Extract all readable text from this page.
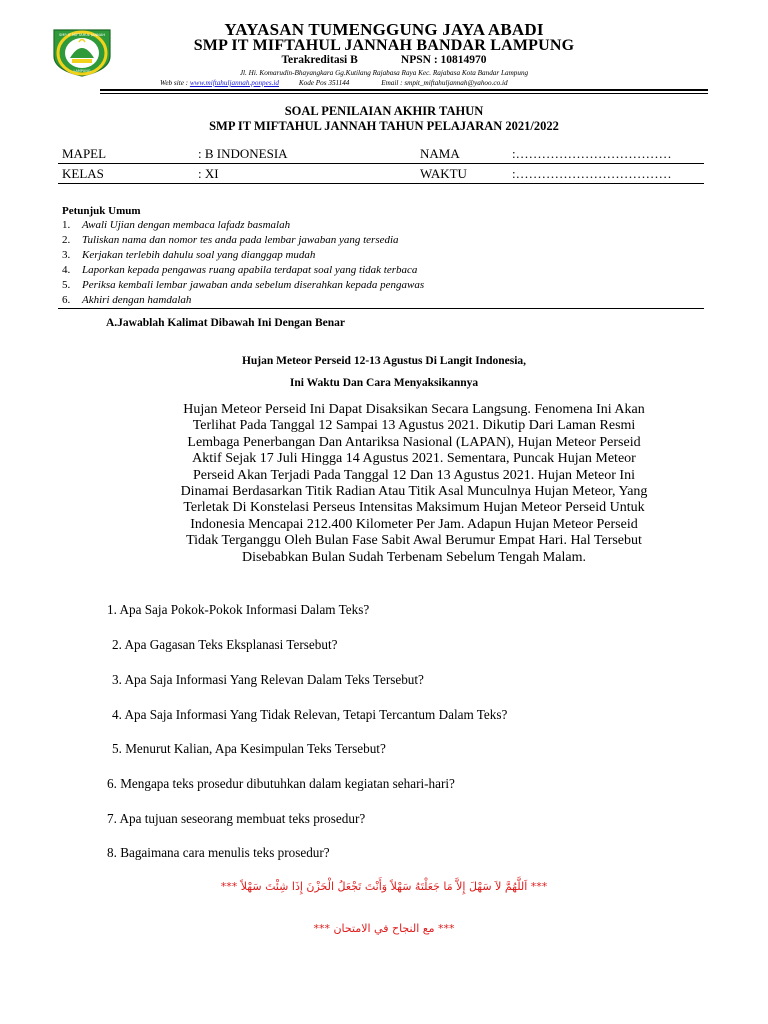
SMP IT MIFTAHUL JANNAH
LAMPUNG
YAYASAN TUMENGGUNG JAYA ABADI
SMP IT MIFTAHUL JANNAH BANDAR LAMPUNG
Terakreditasi B	NPSN : 10814970
Jl. Hi. Komarudin-Bhayangkara Gg.Kutilang Rajabasa Raya Kec. Rajabasa Kota Bandar Lampung
Web site : www.miftahuljannah.ponpes.id	Kode Pos 351144	Email : smpit_miftahuljannah@yahoo.co.id
SOAL PENILAIAN AKHIR TAHUN
SMP IT MIFTAHUL JANNAH TAHUN PELAJARAN 2021/2022
MAPEL	: B INDONESIA	NAMA	:………………………………
KELAS	: XI	WAKTU	:………………………………
Petunjuk Umum
1. Awali Ujian dengan membaca lafadz basmalah
2. Tuliskan nama dan nomor tes anda pada lembar jawaban yang tersedia
3. Kerjakan terlebih dahulu soal yang dianggap mudah
4. Laporkan kepada pengawas ruang apabila terdapat soal yang tidak terbaca
5. Periksa kembali lembar jawaban anda sebelum diserahkan kepada pengawas
6. Akhiri dengan hamdalah
A.Jawablah Kalimat Dibawah Ini Dengan Benar
Hujan Meteor Perseid 12-13 Agustus Di Langit Indonesia,
Ini Waktu Dan Cara Menyaksikannya
Hujan Meteor Perseid Ini Dapat Disaksikan Secara Langsung. Fenomena Ini Akan
Terlihat Pada Tanggal 12 Sampai 13 Agustus 2021. Dikutip Dari Laman Resmi
Lembaga Penerbangan Dan Antariksa Nasional (LAPAN), Hujan Meteor Perseid
Aktif Sejak 17 Juli Hingga 14 Agustus 2021. Sementara, Puncak Hujan Meteor
Perseid Akan Terjadi Pada Tanggal 12 Dan 13 Agustus 2021. Hujan Meteor Ini
Dinamai Berdasarkan Titik Radian Atau Titik Asal Munculnya Hujan Meteor, Yang
Terletak Di Konstelasi Perseus Intensitas Maksimum Hujan Meteor Perseid Untuk
Indonesia Mencapai 212.400 Kilometer Per Jam. Adapun Hujan Meteor Perseid
Tidak Terganggu Oleh Bulan Fase Sabit Awal Berumur Empat Hari. Hal Tersebut
Disebabkan Bulan Sudah Terbenam Sebelum Tengah Malam.
1. Apa Saja Pokok-Pokok Informasi Dalam Teks?
2. Apa Gagasan Teks Eksplanasi Tersebut?
3. Apa Saja Informasi Yang Relevan Dalam Teks Tersebut?
4. Apa Saja Informasi Yang Tidak Relevan, Tetapi Tercantum Dalam Teks?
5. Menurut Kalian, Apa Kesimpulan Teks Tersebut?
6. Mengapa teks prosedur dibutuhkan dalam kegiatan sehari-hari?
7. Apa tujuan seseorang membuat teks prosedur?
8. Bagaimana cara menulis teks prosedur?
*** اَللَّهُمَّ لاَ سَهْلَ إِلاَّ مَا جَعَلْتَهُ سَهْلاً وَأَنْتَ تَجْعَلُ الْحَزْنَ إِذَا شِئْتَ سَهْلاً ***
*** مع النجاح في الامتحان ***
